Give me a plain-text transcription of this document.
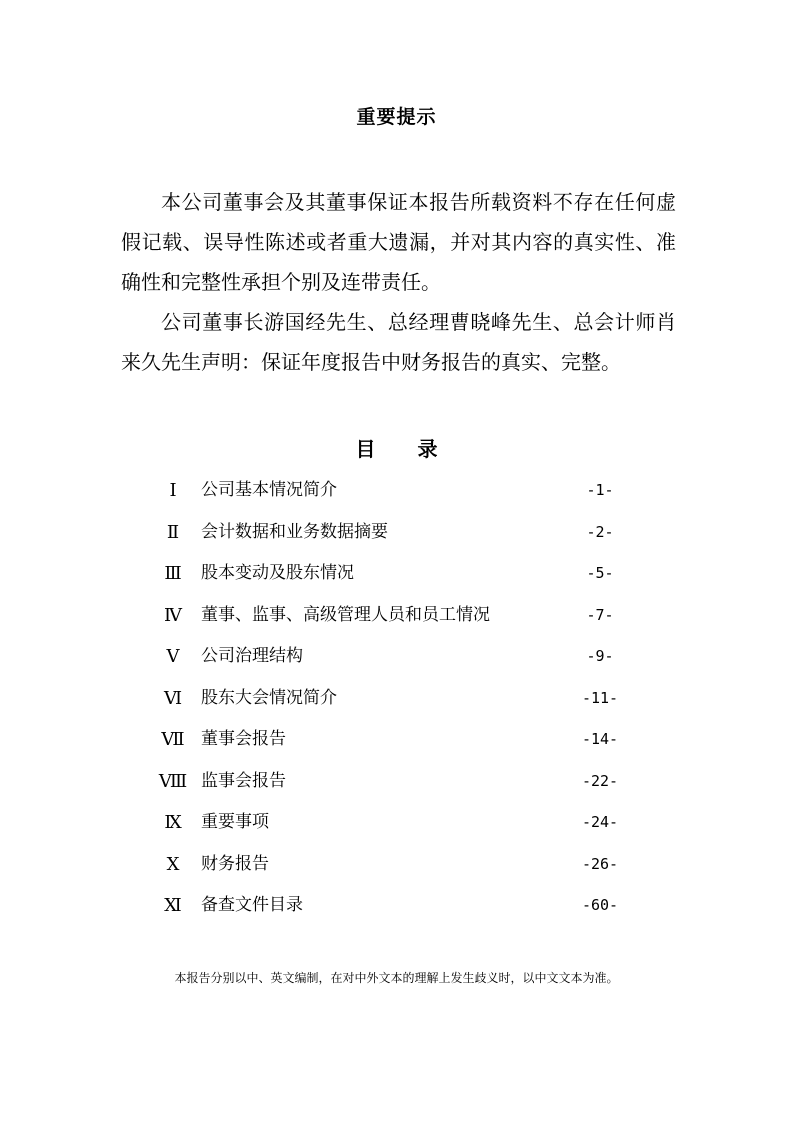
重要提示

本公司董事会及其董事保证本报告所载资料不存在任何虚假记载、误导性陈述或者重大遗漏，并对其内容的真实性、准确性和完整性承担个别及连带责任。

公司董事长游国经先生、总经理曹晓峰先生、总会计师肖来久先生声明：保证年度报告中财务报告的真实、完整。

目 录
Ⅰ	公司基本情况简介	-1-
Ⅱ	会计数据和业务数据摘要	-2-
Ⅲ	股本变动及股东情况	-5-
Ⅳ	董事、监事、高级管理人员和员工情况	-7-
Ⅴ	公司治理结构	-9-
Ⅵ	股东大会情况简介	-11-
Ⅶ 董事会报告	-14-
Ⅷ 监事会报告	-22-
Ⅸ	重要事项	-24-
Ⅹ	财务报告	-26-
Ⅺ	备查文件目录	-60-
本报告分别以中、英文编制，在对中外文本的理解上发生歧义时，以中文文本为准。
